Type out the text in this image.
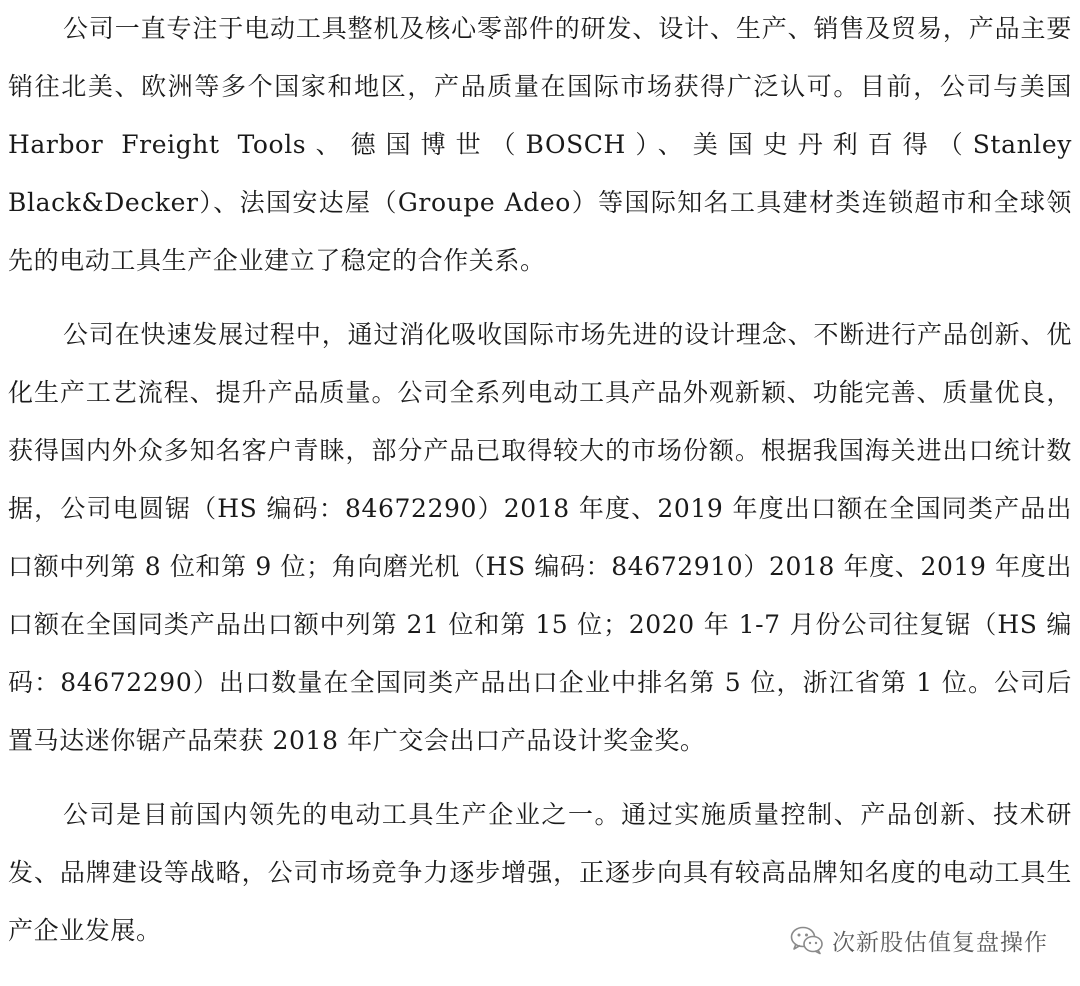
公司一直专注于电动工具整机及核心零部件的研发、设计、生产、销售及贸易，产品主要销往北美、欧洲等多个国家和地区，产品质量在国际市场获得广泛认可。目前，公司与美国 Harbor Freight Tools、德国博世（BOSCH）、美国史丹利百得（Stanley Black&Decker）、法国安达屋（Groupe Adeo）等国际知名工具建材类连锁超市和全球领先的电动工具生产企业建立了稳定的合作关系。

公司在快速发展过程中，通过消化吸收国际市场先进的设计理念、不断进行产品创新、优化生产工艺流程、提升产品质量。公司全系列电动工具产品外观新颖、功能完善、质量优良，获得国内外众多知名客户青睐，部分产品已取得较大的市场份额。根据我国海关进出口统计数据，公司电圆锯（HS 编码：84672290）2018 年度、2019 年度出口额在全国同类产品出口额中列第 8 位和第 9 位；角向磨光机（HS 编码：84672910）2018 年度、2019 年度出口额在全国同类产品出口额中列第 21 位和第 15 位；2020 年 1-7 月份公司往复锯（HS 编码：84672290）出口数量在全国同类产品出口企业中排名第 5 位，浙江省第 1 位。公司后置马达迷你锯产品荣获 2018 年广交会出口产品设计奖金奖。

公司是目前国内领先的电动工具生产企业之一。通过实施质量控制、产品创新、技术研发、品牌建设等战略，公司市场竞争力逐步增强，正逐步向具有较高品牌知名度的电动工具生产企业发展。	次新股估值复盘操作
